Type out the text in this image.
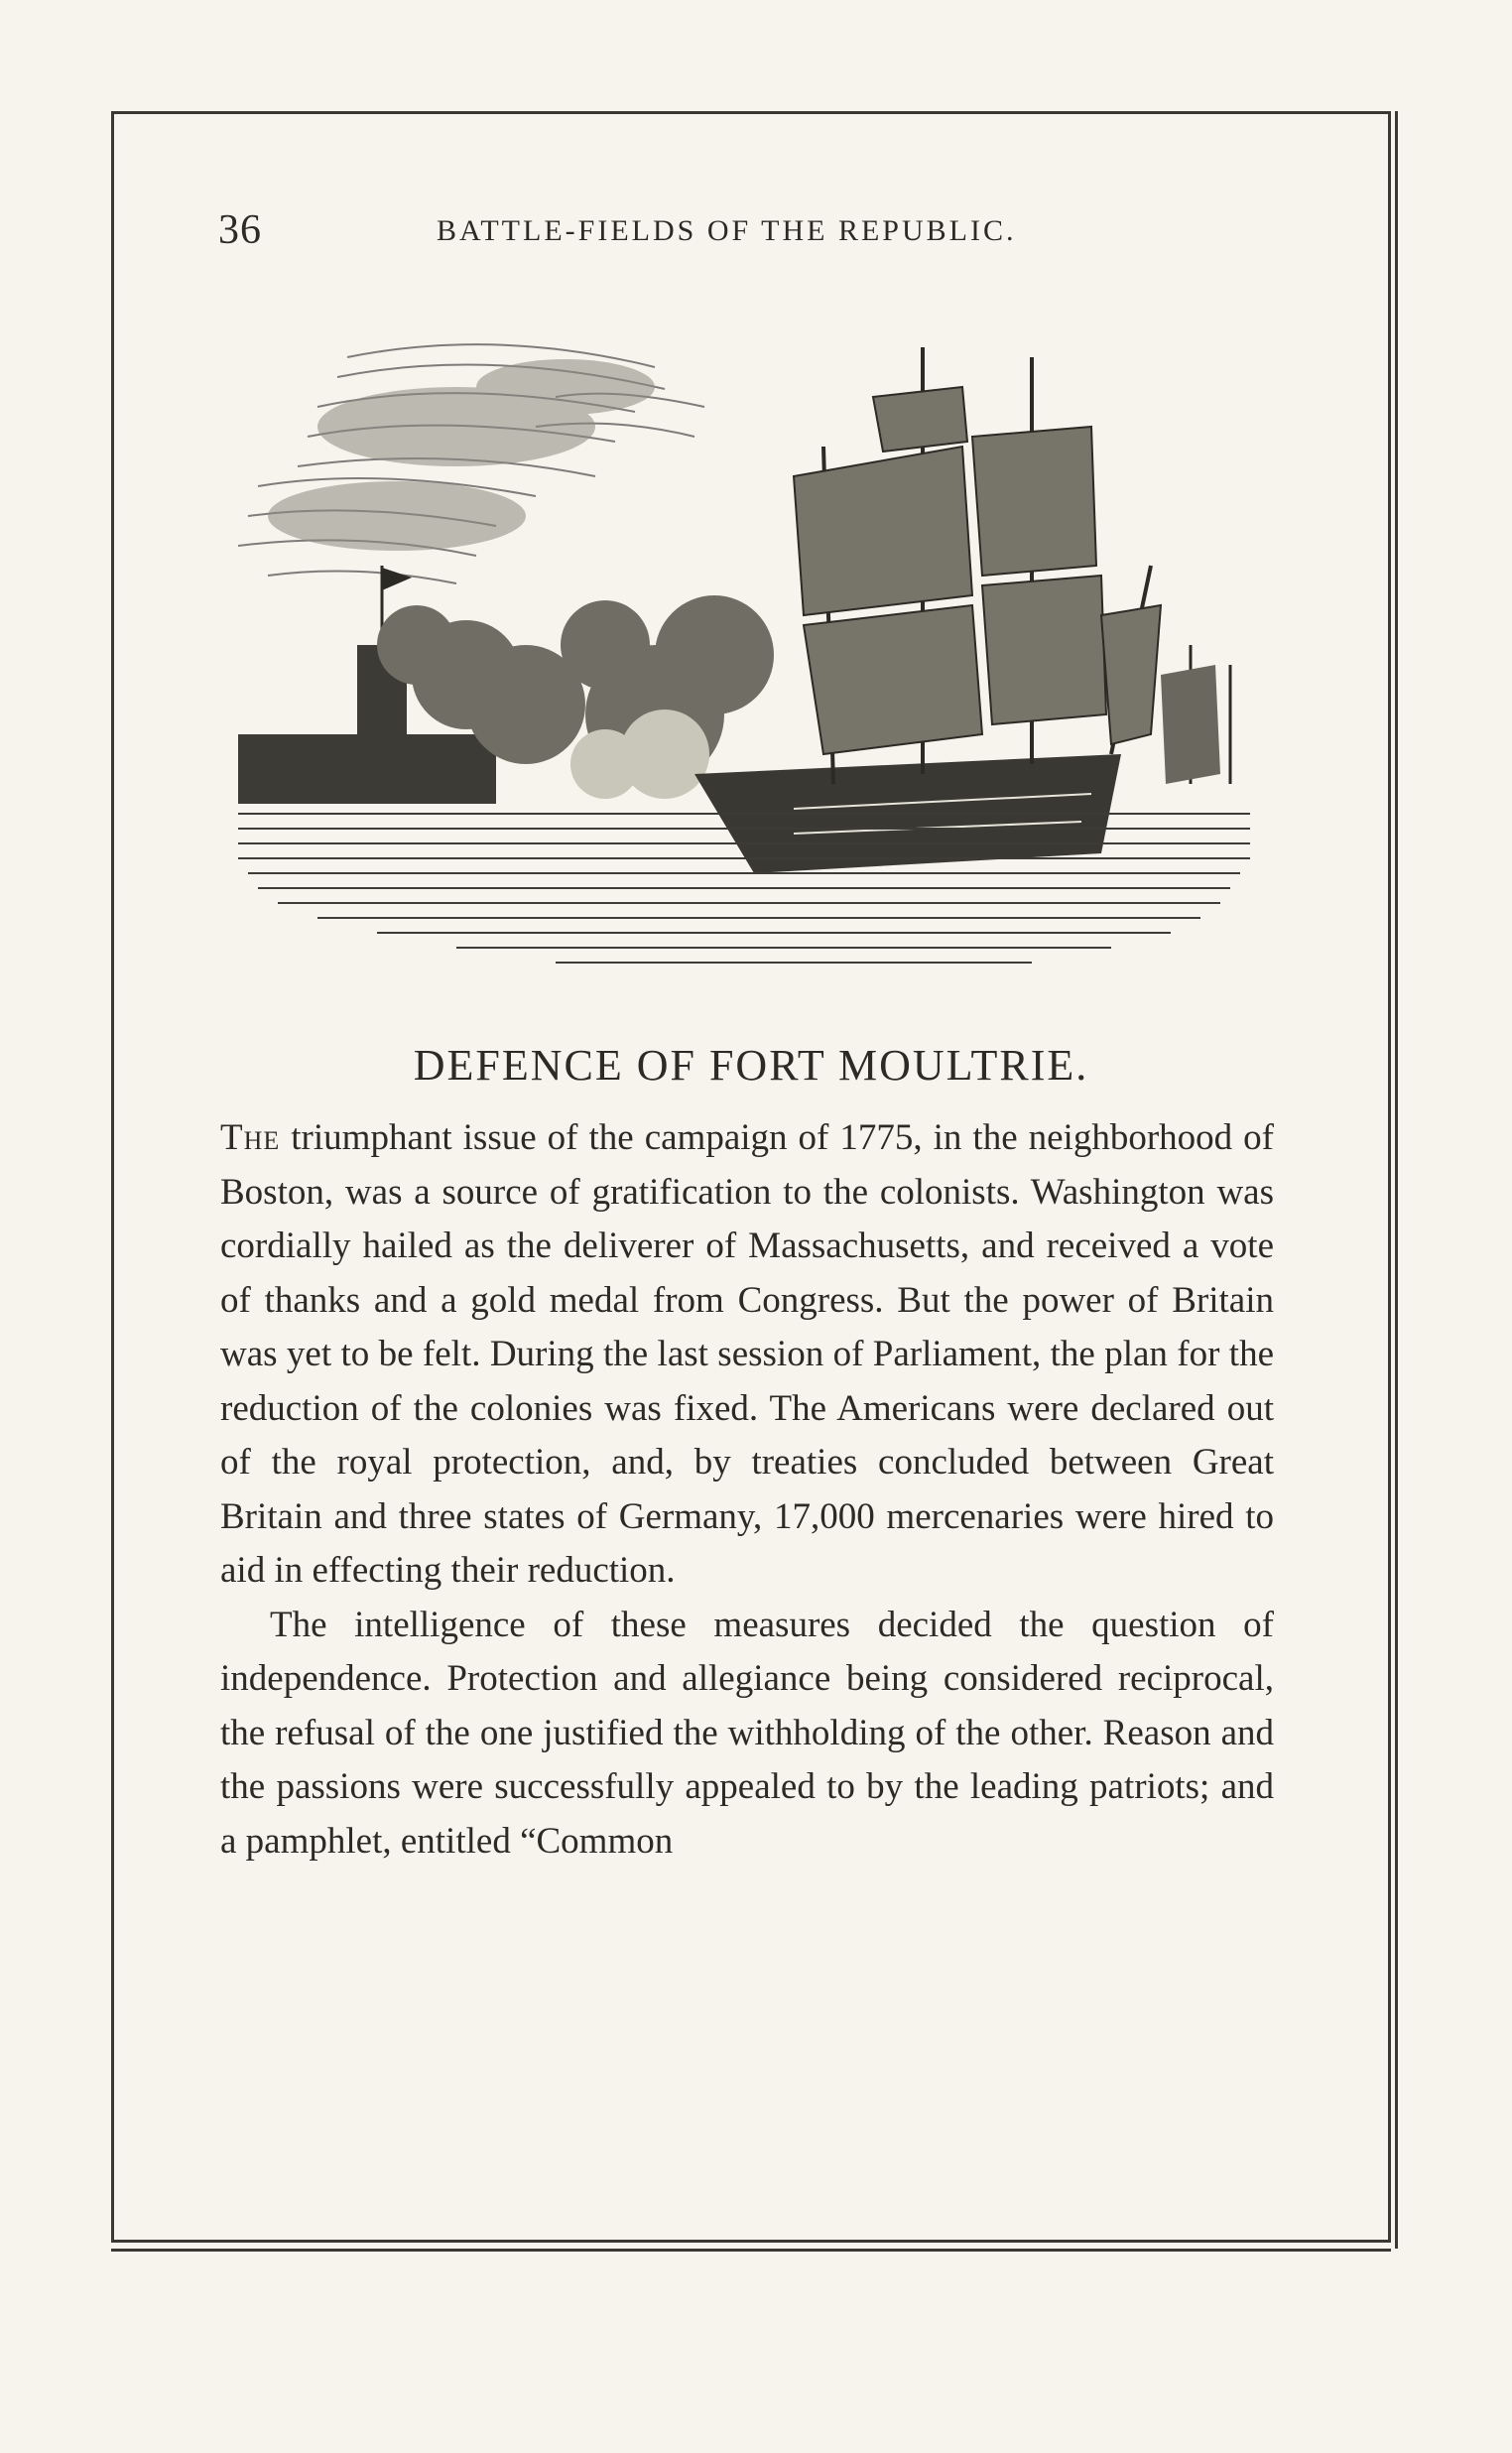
36	BATTLE-FIELDS OF THE REPUBLIC.
DEFENCE OF FORT MOULTRIE.

The triumphant issue of the campaign of 1775, in the neighborhood of Boston, was a source of gratification to the colonists. Washington was cordially hailed as the deliverer of Massachusetts, and received a vote of thanks and a gold medal from Congress. But the power of Britain was yet to be felt. During the last session of Parliament, the plan for the reduction of the colonies was fixed. The Americans were declared out of the royal protection, and, by treaties concluded between Great Britain and three states of Germany, 17,000 mercenaries were hired to aid in effecting their reduction.

The intelligence of these measures decided the question of independence. Protection and allegiance being considered reciprocal, the refusal of the one justified the withholding of the other. Reason and the passions were successfully appealed to by the leading patriots; and a pamphlet, entitled “Common
